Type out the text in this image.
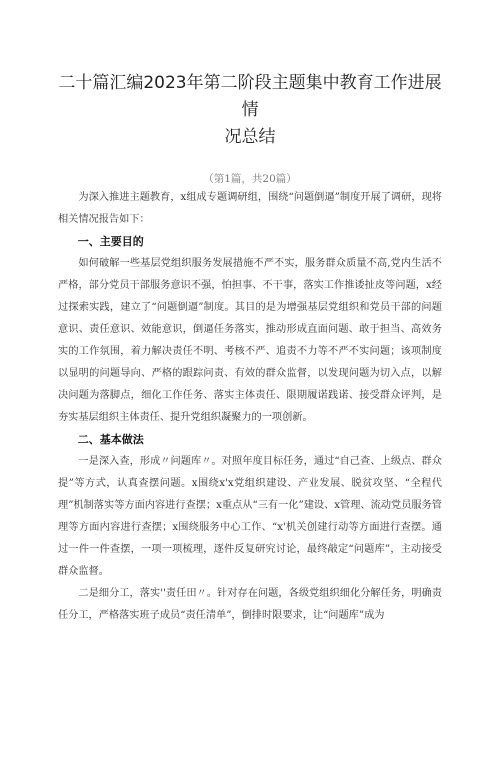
二十篇汇编2023年第二阶段主题集中教育工作进展情
况总结
（第1篇，共20篇）

为深入推进主题教育，x组成专题调研组，围绕“问题倒逼”制度开展了调研，现将相关情况报告如下：

一、主要目的

如何破解一些基层党组织服务发展措施不严不实，服务群众质量不高,党内生活不严格，部分党员干部服务意识不强，怕担事、不干事，落实工作推诿扯皮等问题，x经过探索实践，建立了“问题倒逼”制度。其目的是为增强基层党组织和党员干部的问题意识、责任意识、效能意识，倒逼任务落实，推动形成直面问题、敢于担当、高效务实的工作氛围，着力解决责任不明、考核不严、追责不力等不严不实问题；该项制度以显明的问题导向、严格的跟踪问责、有效的群众监督，以发现问题为切入点，以解决问题为落脚点，细化工作任务、落实主体责任、限期履诺践诺、接受群众评判，是夯实基层组织主体责任、提升党组织凝聚力的一项创新。

二、基本做法

一是深入查，形成〃问题库〃。对照年度目标任务，通过“自己查、上级点、群众提”等方式，认真查摆问题。x围绕x'x党组织建设、产业发展、脱贫攻坚、“全程代理”机制落实等方面内容进行查摆；x重点从“三有一化”建设、x管理、流动党员服务管理等方面内容进行查摆；x围绕服务中心工作、“x'机关创建行动等方面进行查摆。通过一件一件查摆，一项一项梳理，逐件反复研究讨论，最终敲定“问题库”，主动接受群众监督。

二是细分工，落实''责任田〃。针对存在问题，各级党组织细化分解任务，明确责任分工，严格落实班子成员“责任清单”，倒排时限要求，让“问题库”成为
